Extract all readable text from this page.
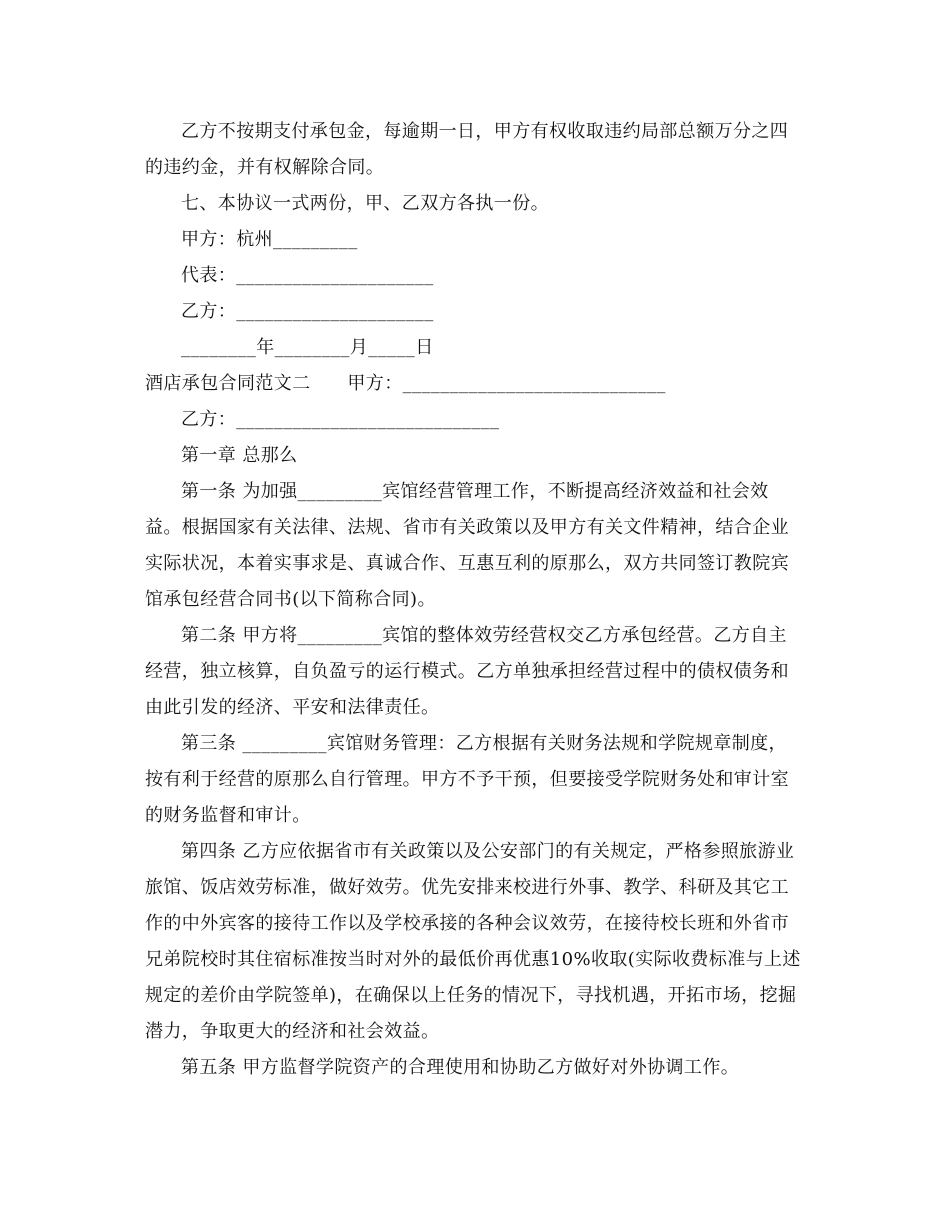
乙方不按期支付承包金，每逾期一日，甲方有权收取违约局部总额万分之四的违约金，并有权解除合同。

七、本协议一式两份，甲、乙双方各执一份。

甲方：杭州_________

代表：_____________________

乙方：_____________________

________年________月_____日

酒店承包合同范文二　　甲方：____________________________

乙方：____________________________

第一章 总那么

第一条 为加强_________宾馆经营管理工作，不断提高经济效益和社会效益。根据国家有关法律、法规、省市有关政策以及甲方有关文件精神，结合企业实际状况，本着实事求是、真诚合作、互惠互利的原那么，双方共同签订教院宾馆承包经营合同书(以下简称合同)。

第二条 甲方将_________宾馆的整体效劳经营权交乙方承包经营。乙方自主经营，独立核算，自负盈亏的运行模式。乙方单独承担经营过程中的债权债务和由此引发的经济、平安和法律责任。

第三条 _________宾馆财务管理：乙方根据有关财务法规和学院规章制度，按有利于经营的原那么自行管理。甲方不予干预，但要接受学院财务处和审计室的财务监督和审计。

第四条 乙方应依据省市有关政策以及公安部门的有关规定，严格参照旅游业旅馆、饭店效劳标准，做好效劳。优先安排来校进行外事、教学、科研及其它工作的中外宾客的接待工作以及学校承接的各种会议效劳，在接待校长班和外省市兄弟院校时其住宿标准按当时对外的最低价再优惠10%收取(实际收费标准与上述规定的差价由学院签单)，在确保以上任务的情况下，寻找机遇，开拓市场，挖掘潜力，争取更大的经济和社会效益。

第五条 甲方监督学院资产的合理使用和协助乙方做好对外协调工作。
